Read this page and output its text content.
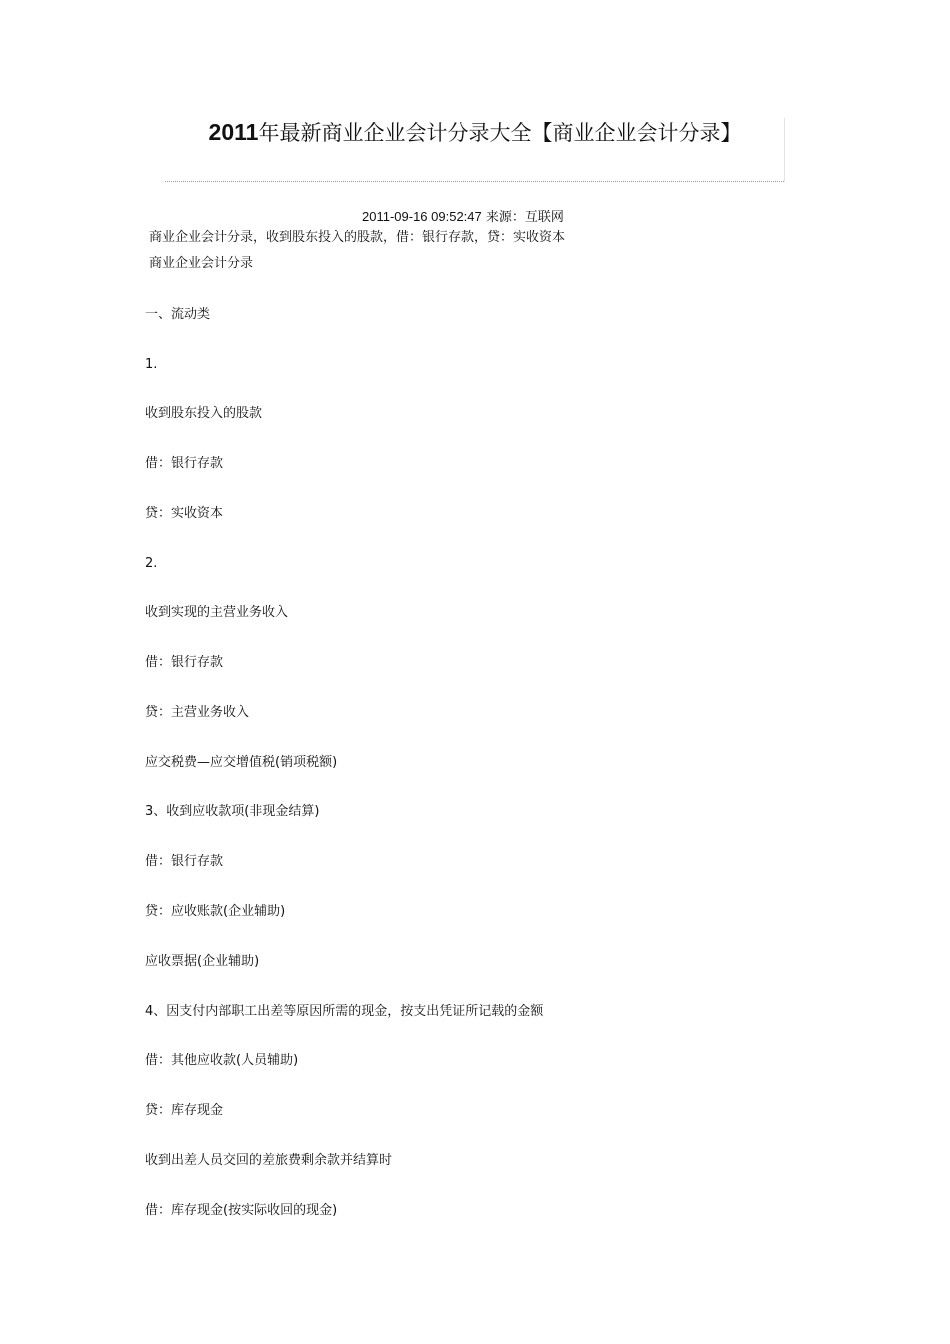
2011年最新商业企业会计分录大全【商业企业会计分录】
2011-09-16 09:52:47 来源：互联网
商业企业会计分录，收到股东投入的股款，借：银行存款，贷：实收资本
商业企业会计分录
一、流动类
1.
收到股东投入的股款
借：银行存款
贷：实收资本
2.
收到实现的主营业务收入
借：银行存款
贷：主营业务收入
应交税费—应交增值税(销项税额)
3、收到应收款项(非现金结算)
借：银行存款
贷：应收账款(企业辅助)
应收票据(企业辅助)
4、因支付内部职工出差等原因所需的现金，按支出凭证所记载的金额
借：其他应收款(人员辅助)
贷：库存现金
收到出差人员交回的差旅费剩余款并结算时
借：库存现金(按实际收回的现金)
